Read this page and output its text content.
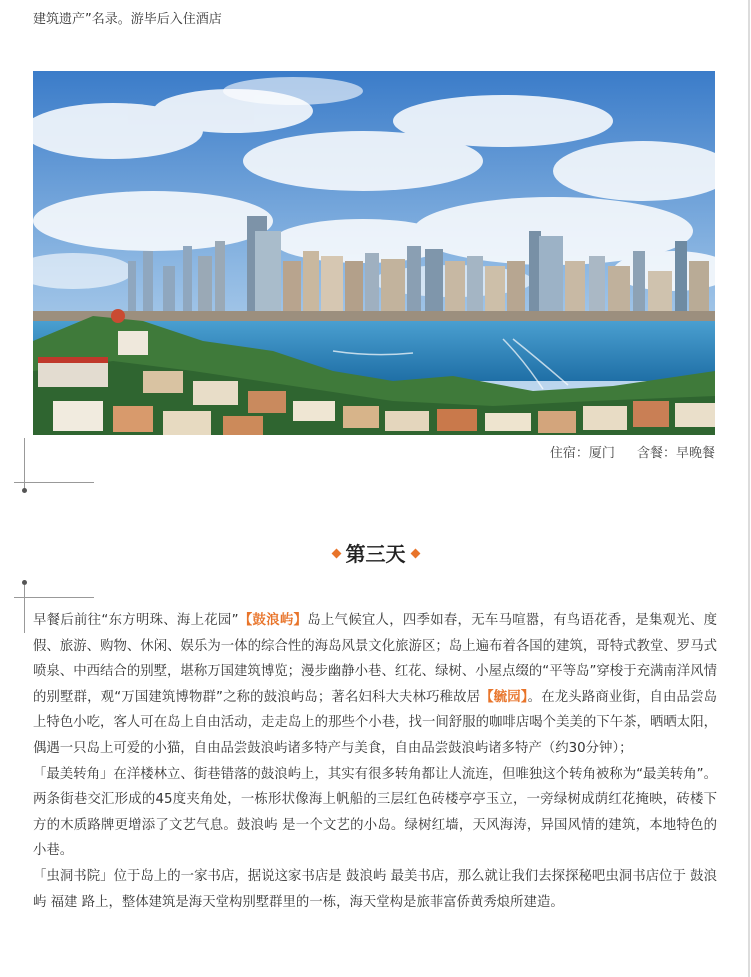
建筑遗产”名录。游毕后入住酒店
住宿：厦门 含餐：早晚餐
第三天

早餐后前往“东方明珠、海上花园”【鼓浪屿】岛上气候宜人，四季如春，无车马喧嚣，有鸟语花香，是集观光、度假、旅游、购物、休闲、娱乐为一体的综合性的海岛风景文化旅游区；岛上遍布着各国的建筑，哥特式教堂、罗马式喷泉、中西结合的别墅，堪称万国建筑博览；漫步幽静小巷、红花、绿树、小屋点缀的“平等岛”穿梭于充满南洋风情的别墅群，观“万国建筑博物群”之称的鼓浪屿岛；著名妇科大夫林巧稚故居【毓园】。在龙头路商业街，自由品尝岛上特色小吃，客人可在岛上自由活动，走走岛上的那些个小巷，找一间舒服的咖啡店喝个美美的下午茶，晒晒太阳，偶遇一只岛上可爱的小猫，自由品尝鼓浪屿诸多特产与美食，自由品尝鼓浪屿诸多特产（约30分钟）；

「最美转角」在洋楼林立、街巷错落的鼓浪屿上，其实有很多转角都让人流连，但唯独这个转角被称为“最美转角”。两条街巷交汇形成的45度夹角处，一栋形状像海上帆船的三层红色砖楼亭亭玉立，一旁绿树成荫红花掩映，砖楼下方的木质路牌更增添了文艺气息。鼓浪屿 是一个文艺的小岛。绿树红墙，天风海涛，异国风情的建筑，本地特色的小巷。

「虫洞书院」位于岛上的一家书店，据说这家书店是 鼓浪屿 最美书店，那么就让我们去探探秘吧虫洞书店位于 鼓浪屿 福建 路上，整体建筑是海天堂构别墅群里的一栋，海天堂构是旅菲富侨黄秀烺所建造。
